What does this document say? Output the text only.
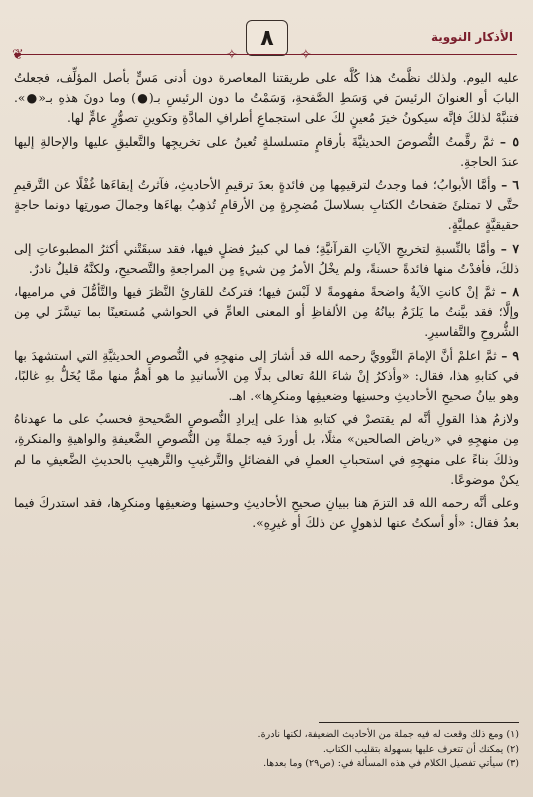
❦	✧
٨
✧
الأذكار النووية

عليه اليوم. ولذلك نظَّمتُ هذا كُلَّه على طريقتنا المعاصرة دون أدنى مَسٍّ بأصل المؤلِّف، فجعلتُ البابَ أو العنوانَ الرئيسَ في وَسَطِ الصَّفحةِ، وَسَمْتُ ما دون الرئيسِ بـ(●) وما دونَ هذهِ بـ«●». فتنبَّهْ لذلكَ فإنَّه سيكونُ خيرَ مُعينٍ لكَ على استجماعِ أطرافِ المادَّةِ وتكوينِ تصوُّرٍ عامٍّ لها.

٥ – ثمَّ رقَّمتُ النُّصوصَ الحديثيَّةَ بأرقامٍ متسلسلةٍ تُعينُ على تخريجِها والتَّعليقِ عليها والإحالةِ إليها عندَ الحاجةِ.

٦ – وأمَّا الأبوابُ؛ فما وجدتُ لترقيمِها مِن فائدةٍ بعدَ ترقيمِ الأحاديثِ، فآثرتُ إبقاءَها غُفْلًا عن التَّرقيمِ حتَّى لا تمتلئَ صَفحاتُ الكتابِ بسلاسلَ مُضجِرةٍ مِن الأرقامِ تُذهِبُ بهاءَها وجمالَ صورتِها دونما حاجةٍ حقيقيَّةٍ عمليَّةٍ.

٧ – وأمَّا بالنِّسبةِ لتخريجِ الآياتِ القرآنيَّةِ؛ فما لي كبيرُ فضلٍ فيها، فقد سبقَتْني أكثرُ المطبوعاتِ إلى ذلكَ، فأفدْتُ منها فائدةً حسنةً، ولم يخْلُ الأمرُ مِن شيءٍ مِن المراجعةِ والتَّصحيحِ، ولكنَّهُ قليلٌ نادرٌ.

٨ – ثمَّ إنْ كانتِ الآيةُ واضحةً مفهومةً لا لَبْسَ فيها؛ فتركتُ للقارئِ النَّظرَ فيها والتَّأمُّلَ في مراميها، وإلَّا؛ فقد بيَّنتُ ما يَلزَمُ بيانُهُ مِن الألفاظِ أو المعنى العامِّ في الحواشي مُستعينًا بما تيسَّرَ لي مِن الشُّروحِ والتَّفاسيرِ.

٩ – ثمَّ اعلمْ أنَّ الإمامَ النَّوويَّ رحمه الله قد أشارَ إلى منهجِهِ في النُّصوصِ الحديثيَّةِ التي استشهدَ بها في كتابهِ هذا، فقال: «وأذكرُ إنْ شاءَ اللهُ تعالى بدلًا مِن الأسانيدِ ما هو أهمُّ منها ممَّا يُخَلُّ بهِ غالبًا، وهو بيانُ صحيحِ الأحاديثِ وحسنِها وضعيفِها ومنكرِها». اهـ.

ولازمُ هذا القولِ أنَّه لم يقتصرْ في كتابهِ هذا على إيرادِ النُّصوصِ الصَّحيحةِ فحسبُ على ما عهدناهُ مِن منهجِهِ في «رياض الصالحين» مثلًا، بل أوردَ فيه جملةً مِن النُّصوصِ الضَّعيفةِ والواهيةِ والمنكرةِ، وذلكَ بناءً على منهجِهِ في استحبابِ العملِ في الفضائلِ والتَّرغيبِ والتَّرهيبِ بالحديثِ الضَّعيفِ ما لم يكنْ موضوعًا.

وعلى أنَّه رحمه الله قد التزمَ هنا ببيانِ صحيحِ الأحاديثِ وحسنِها وضعيفِها ومنكرِها، فقد استدركَ فيما بعدُ فقال: «أو أسكتُ عنها لذهولٍ عن ذلكَ أو غيرِهِ».

(١) ومع ذلك وقعت له فيه جملة من الأحاديث الضعيفة، لكنها نادرة.

(٢) يمكنك أن تتعرف عليها بسهولة بتقليب الكتاب.

(٣) سيأتي تفصيل الكلام في هذه المسألة في: (ص٢٩) وما بعدها.
